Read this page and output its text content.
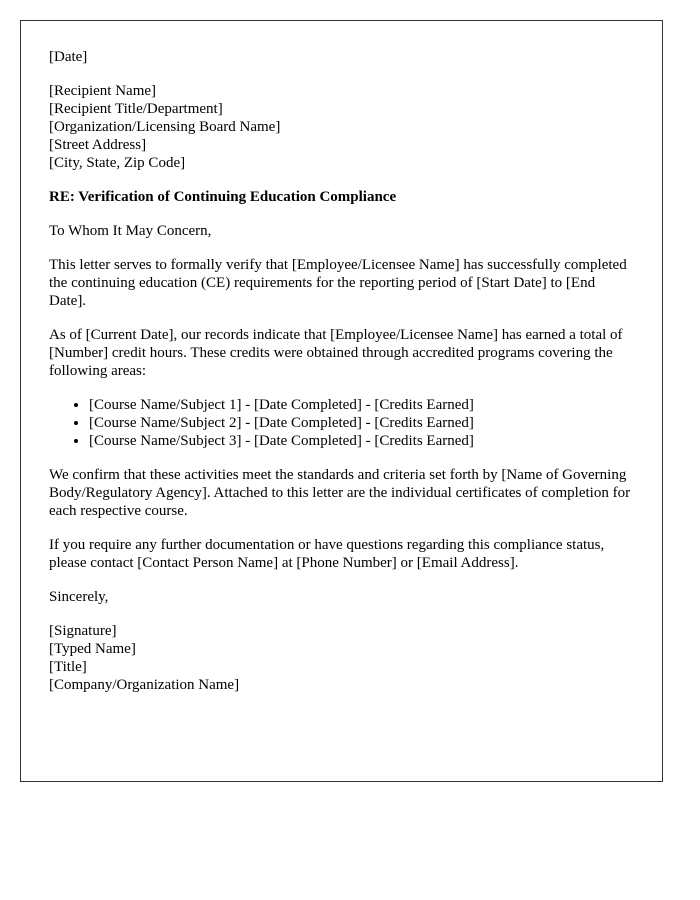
[Date]

[Recipient Name]
[Recipient Title/Department]
[Organization/Licensing Board Name]
[Street Address]
[City, State, Zip Code]

RE: Verification of Continuing Education Compliance

To Whom It May Concern,

This letter serves to formally verify that [Employee/Licensee Name] has successfully completed the continuing education (CE) requirements for the reporting period of [Start Date] to [End Date].

As of [Current Date], our records indicate that [Employee/Licensee Name] has earned a total of [Number] credit hours. These credits were obtained through accredited programs covering the following areas:

• [Course Name/Subject 1] - [Date Completed] - [Credits Earned]
• [Course Name/Subject 2] - [Date Completed] - [Credits Earned]
• [Course Name/Subject 3] - [Date Completed] - [Credits Earned]

We confirm that these activities meet the standards and criteria set forth by [Name of Governing Body/Regulatory Agency]. Attached to this letter are the individual certificates of completion for each respective course.

If you require any further documentation or have questions regarding this compliance status, please contact [Contact Person Name] at [Phone Number] or [Email Address].

Sincerely,

[Signature]
[Typed Name]
[Title]
[Company/Organization Name]
